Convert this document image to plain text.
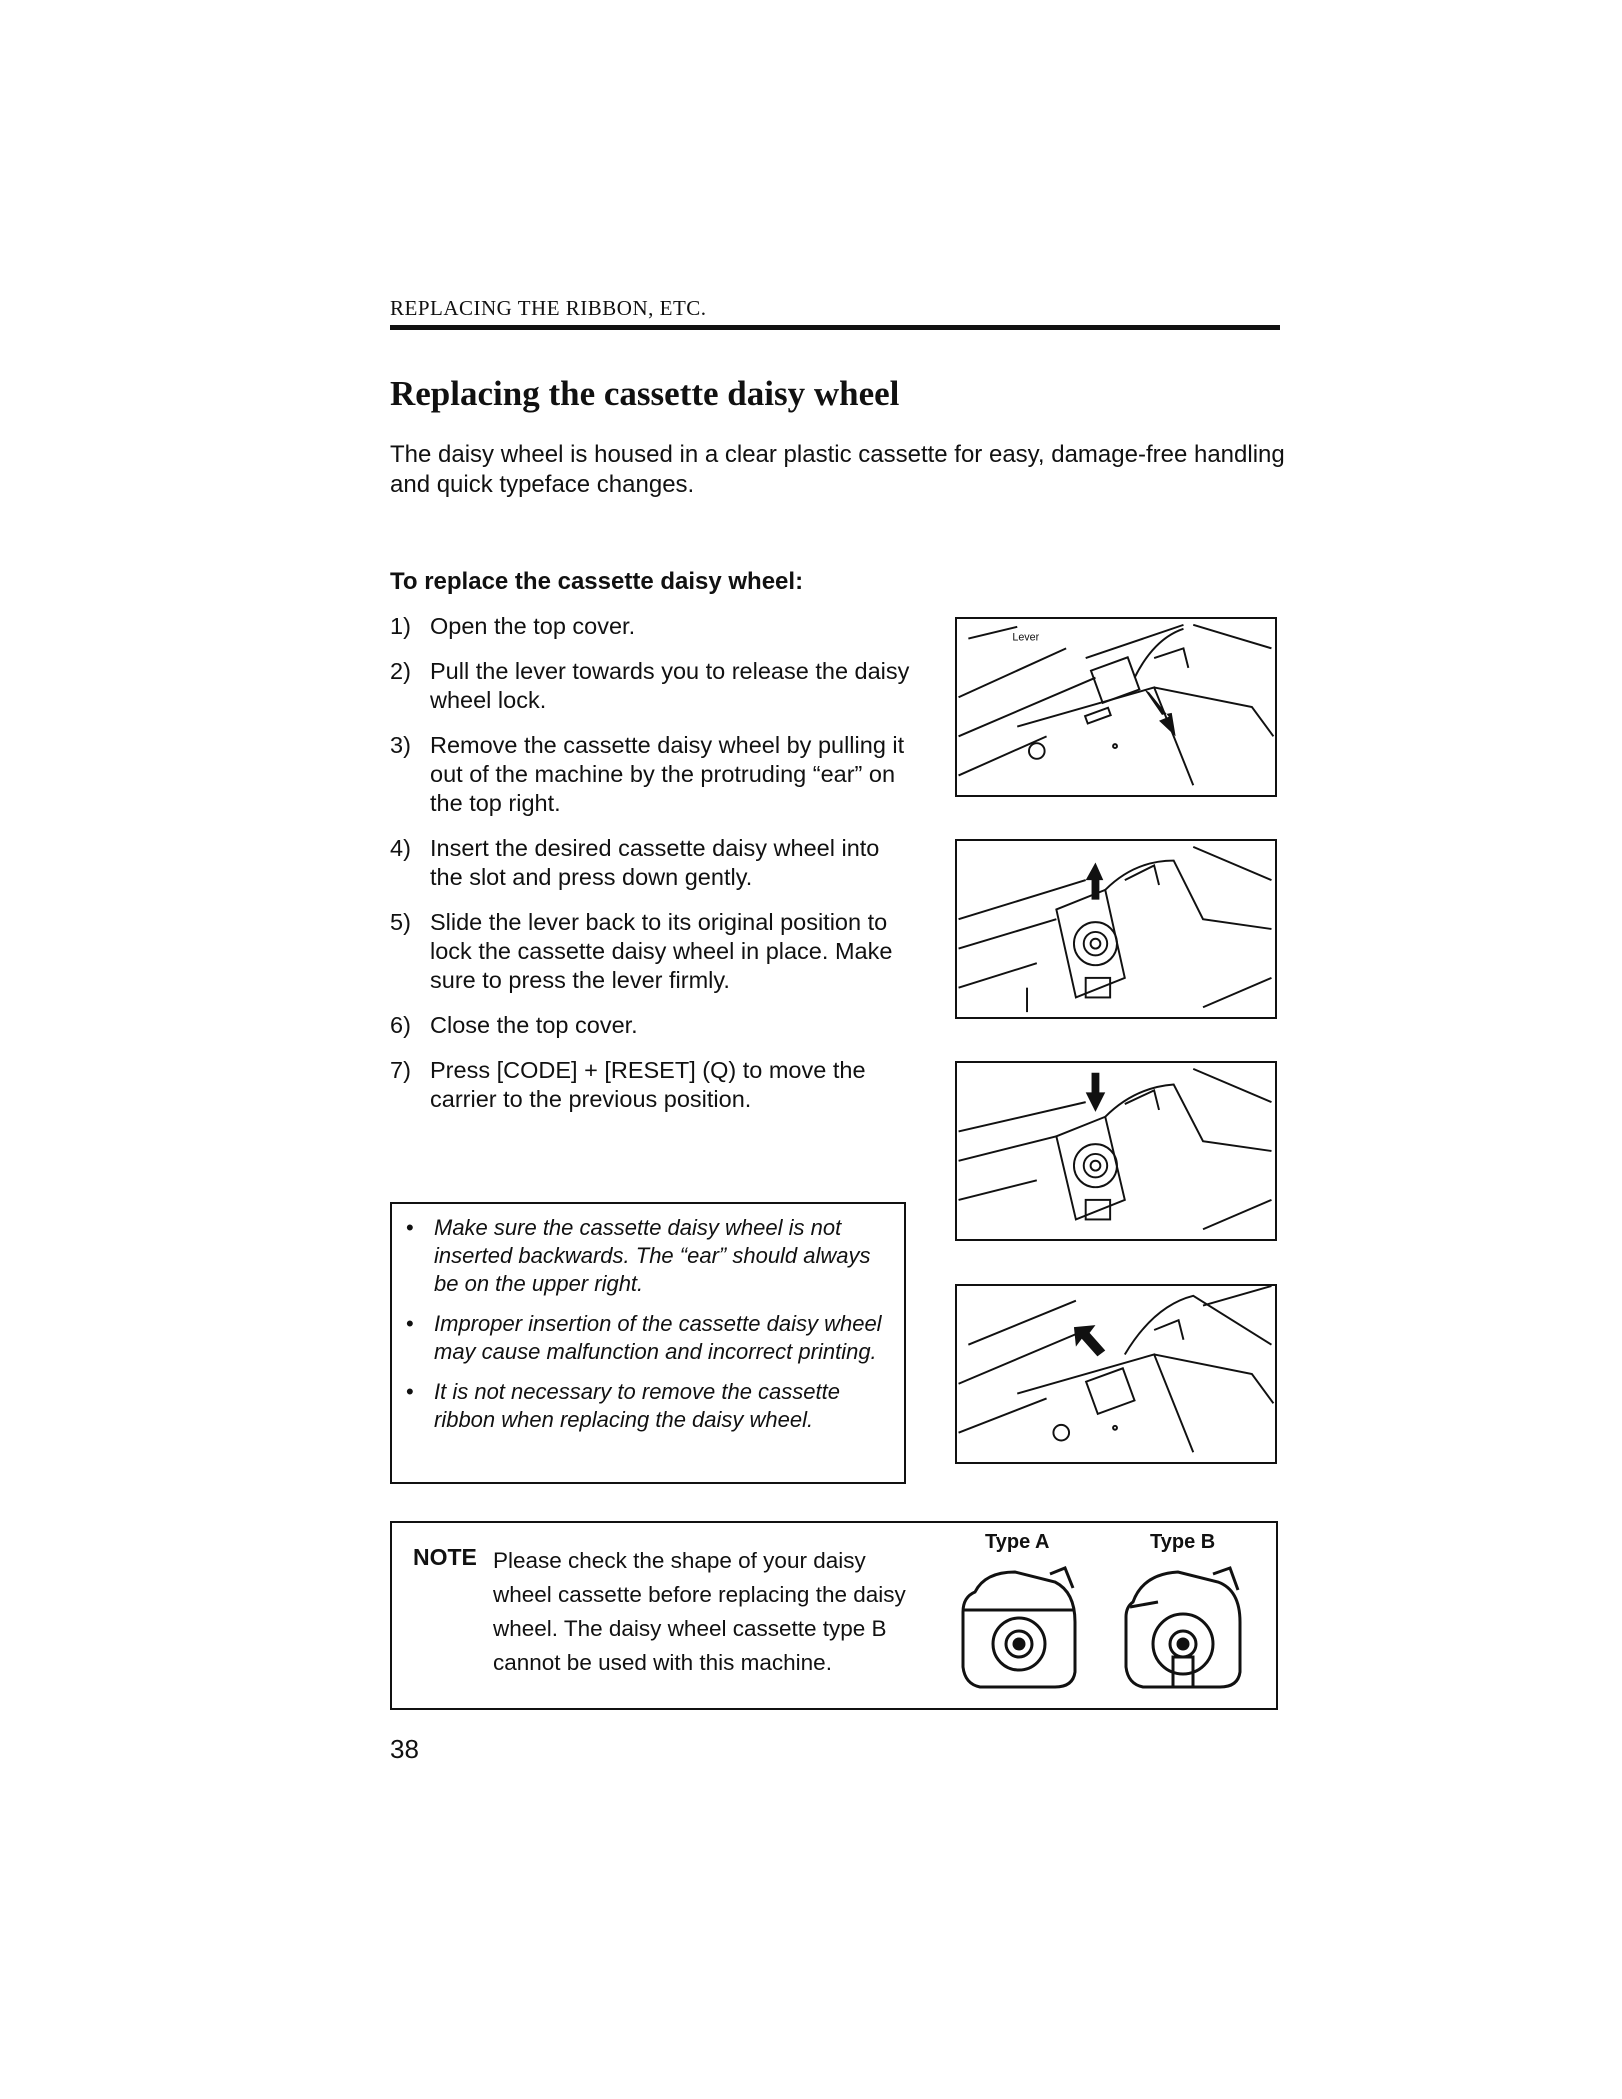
REPLACING THE RIBBON, ETC.
Replacing the cassette daisy wheel
The daisy wheel is housed in a clear plastic cassette for easy, damage-free handling and quick typeface changes.
To replace the cassette daisy wheel:
1) Open the top cover.
2) Pull the lever towards you to release the daisy wheel lock.
3) Remove the cassette daisy wheel by pulling it out of the machine by the protruding “ear” on the top right.
4) Insert the desired cassette daisy wheel into the slot and press down gently.
5) Slide the lever back to its original position to lock the cassette daisy wheel in place. Make sure to press the lever firmly.
6) Close the top cover.
7) Press [CODE] + [RESET] (Q) to move the carrier to the previous position.
• Make sure the cassette daisy wheel is not inserted backwards. The “ear” should always be on the upper right.
• Improper insertion of the cassette daisy wheel may cause malfunction and incorrect printing.
• It is not necessary to remove the cassette ribbon when replacing the daisy wheel.
Lever
NOTE Please check the shape of your daisy wheel cassette before replacing the daisy wheel. The daisy wheel cassette type B cannot be used with this machine.
Type A	Type B
38
